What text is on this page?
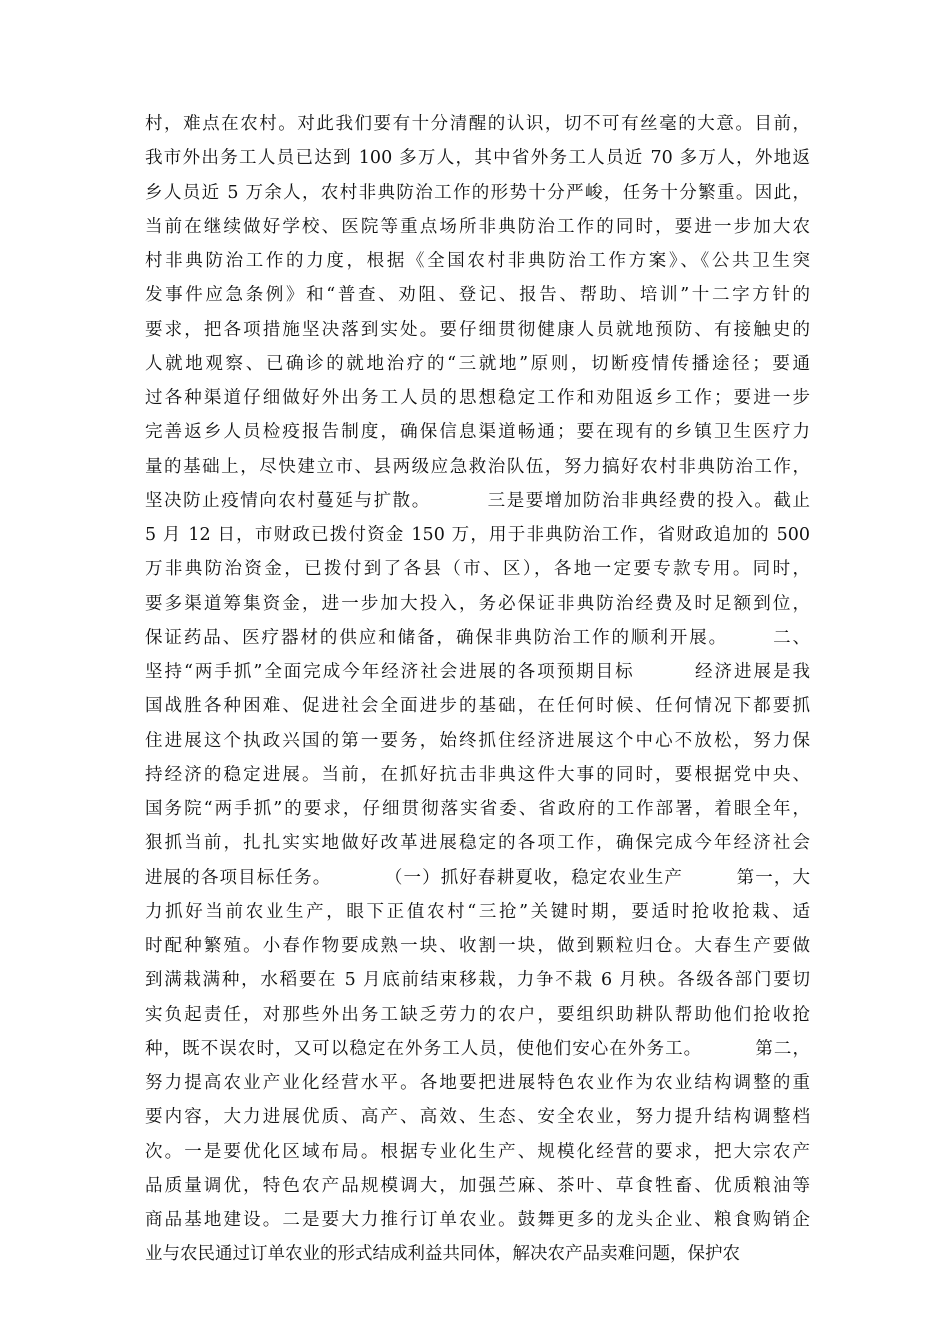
村，难点在农村。对此我们要有十分清醒的认识，切不可有丝毫的大意。目前，
我市外出务工人员已达到 100 多万人，其中省外务工人员近 70 多万人，外地返
乡人员近 5 万余人，农村非典防治工作的形势十分严峻，任务十分繁重。因此，
当前在继续做好学校、医院等重点场所非典防治工作的同时，要进一步加大农
村非典防治工作的力度，根据《全国农村非典防治工作方案》、《公共卫生突
发事件应急条例》和“普查、劝阻、登记、报告、帮助、培训”十二字方针的
要求，把各项措施坚决落到实处。要仔细贯彻健康人员就地预防、有接触史的
人就地观察、已确诊的就地治疗的“三就地”原则，切断疫情传播途径；要通
过各种渠道仔细做好外出务工人员的思想稳定工作和劝阻返乡工作；要进一步
完善返乡人员检疫报告制度，确保信息渠道畅通；要在现有的乡镇卫生医疗力
量的基础上，尽快建立市、县两级应急救治队伍，努力搞好农村非典防治工作，
坚决防止疫情向农村蔓延与扩散。        三是要增加防治非典经费的投入。截止
5 月 12 日，市财政已拨付资金 150 万，用于非典防治工作，省财政追加的 500
万非典防治资金，已拨付到了各县（市、区），各地一定要专款专用。同时，
要多渠道筹集资金，进一步加大投入，务必保证非典防治经费及时足额到位，
保证药品、医疗器材的供应和储备，确保非典防治工作的顺利开展。      二、
坚持“两手抓”全面完成今年经济社会进展的各项预期目标        经济进展是我
国战胜各种困难、促进社会全面进步的基础，在任何时候、任何情况下都要抓
住进展这个执政兴国的第一要务，始终抓住经济进展这个中心不放松，努力保
持经济的稳定进展。当前，在抓好抗击非典这件大事的同时，要根据党中央、
国务院“两手抓”的要求，仔细贯彻落实省委、省政府的工作部署，着眼全年，
狠抓当前，扎扎实实地做好改革进展稳定的各项工作，确保完成今年经济社会
进展的各项目标任务。        （一）抓好春耕夏收，稳定农业生产        第一，大
力抓好当前农业生产，眼下正值农村“三抢”关键时期，要适时抢收抢栽、适
时配种繁殖。小春作物要成熟一块、收割一块，做到颗粒归仓。大春生产要做
到满栽满种，水稻要在 5 月底前结束移栽，力争不栽 6 月秧。各级各部门要切
实负起责任，对那些外出务工缺乏劳力的农户，要组织助耕队帮助他们抢收抢
种，既不误农时，又可以稳定在外务工人员，使他们安心在外务工。        第二，
努力提高农业产业化经营水平。各地要把进展特色农业作为农业结构调整的重
要内容，大力进展优质、高产、高效、生态、安全农业，努力提升结构调整档
次。一是要优化区域布局。根据专业化生产、规模化经营的要求，把大宗农产
品质量调优，特色农产品规模调大，加强苎麻、茶叶、草食牲畜、优质粮油等
商品基地建设。二是要大力推行订单农业。鼓舞更多的龙头企业、粮食购销企
业与农民通过订单农业的形式结成利益共同体，解决农产品卖难问题，保护农
